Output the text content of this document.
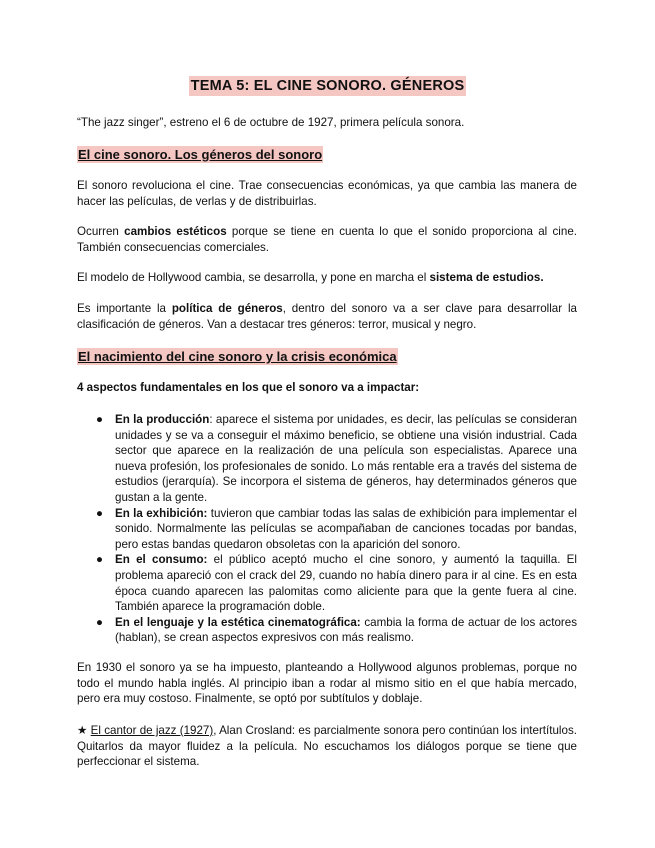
TEMA 5: EL CINE SONORO. GÉNEROS

“The jazz singer”, estreno el 6 de octubre de 1927, primera película sonora.

El cine sonoro. Los géneros del sonoro

El sonoro revoluciona el cine. Trae consecuencias económicas, ya que cambia las manera de hacer las películas, de verlas y de distribuirlas.

Ocurren cambios estéticos porque se tiene en cuenta lo que el sonido proporciona al cine. También consecuencias comerciales.

El modelo de Hollywood cambia, se desarrolla, y pone en marcha el sistema de estudios.

Es importante la política de géneros, dentro del sonoro va a ser clave para desarrollar la clasificación de géneros. Van a destacar tres géneros: terror, musical y negro.

El nacimiento del cine sonoro y la crisis económica

4 aspectos fundamentales en los que el sonoro va a impactar:

● En la producción: aparece el sistema por unidades, es decir, las películas se consideran unidades y se va a conseguir el máximo beneficio, se obtiene una visión industrial. Cada sector que aparece en la realización de una película son especialistas. Aparece una nueva profesión, los profesionales de sonido. Lo más rentable era a través del sistema de estudios (jerarquía). Se incorpora el sistema de géneros, hay determinados géneros que gustan a la gente.
● En la exhibición: tuvieron que cambiar todas las salas de exhibición para implementar el sonido. Normalmente las películas se acompañaban de canciones tocadas por bandas, pero estas bandas quedaron obsoletas con la aparición del sonoro.
● En el consumo: el público aceptó mucho el cine sonoro, y aumentó la taquilla. El problema apareció con el crack del 29, cuando no había dinero para ir al cine. Es en esta época cuando aparecen las palomitas como aliciente para que la gente fuera al cine. También aparece la programación doble.
● En el lenguaje y la estética cinematográfica: cambia la forma de actuar de los actores (hablan), se crean aspectos expresivos con más realismo.

En 1930 el sonoro ya se ha impuesto, planteando a Hollywood algunos problemas, porque no todo el mundo habla inglés. Al principio iban a rodar al mismo sitio en el que había mercado, pero era muy costoso. Finalmente, se optó por subtítulos y doblaje.

★ El cantor de jazz (1927), Alan Crosland: es parcialmente sonora pero continúan los intertítulos. Quitarlos da mayor fluidez a la película. No escuchamos los diálogos porque se tiene que perfeccionar el sistema.
